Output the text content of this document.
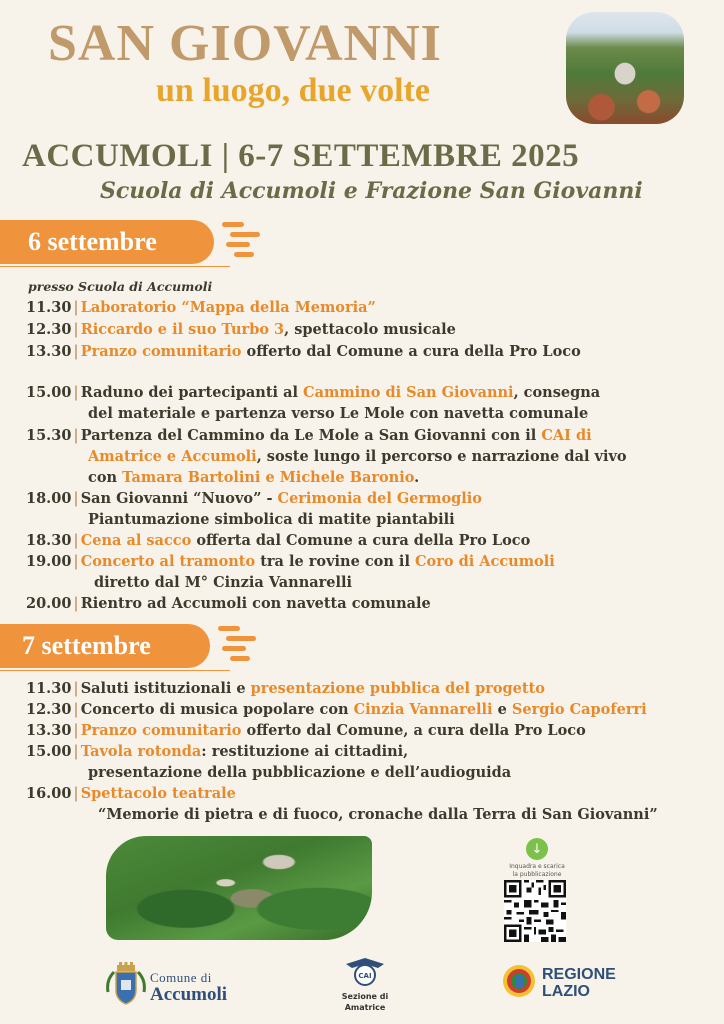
SAN GIOVANNI
un luogo, due volte
ACCUMOLI | 6-7 SETTEMBRE 2025
Scuola di Accumoli e Frazione San Giovanni
6 settembre
presso Scuola di Accumoli
11.30 | Laboratorio “Mappa della Memoria”
12.30 | Riccardo e il suo Turbo 3, spettacolo musicale
13.30 | Pranzo comunitario offerto dal Comune a cura della Pro Loco
15.00 | Raduno dei partecipanti al Cammino di San Giovanni, consegna
del materiale e partenza verso Le Mole con navetta comunale
15.30 | Partenza del Cammino da Le Mole a San Giovanni con il CAI di
Amatrice e Accumoli, soste lungo il percorso e narrazione dal vivo
con Tamara Bartolini e Michele Baronio.
18.00 | San Giovanni “Nuovo” - Cerimonia del Germoglio
Piantumazione simbolica di matite piantabili
18.30 | Cena al sacco offerta dal Comune a cura della Pro Loco
19.00 | Concerto al tramonto tra le rovine con il Coro di Accumoli
diretto dal M° Cinzia Vannarelli
20.00 | Rientro ad Accumoli con navetta comunale
7 settembre
11.30 | Saluti istituzionali e presentazione pubblica del progetto
12.30 | Concerto di musica popolare con Cinzia Vannarelli e Sergio Capoferri
13.30 | Pranzo comunitario offerto dal Comune, a cura della Pro Loco
15.00 | Tavola rotonda: restituzione ai cittadini,
presentazione della pubblicazione e dell’audioguida
16.00 | Spettacolo teatrale
“Memorie di pietra e di fuoco, cronache dalla Terra di San Giovanni”
↓
Inquadra e scarica
la pubblicazione
Comune di
Accumoli
CAI
Sezione di
Amatrice
REGIONE
LAZIO
